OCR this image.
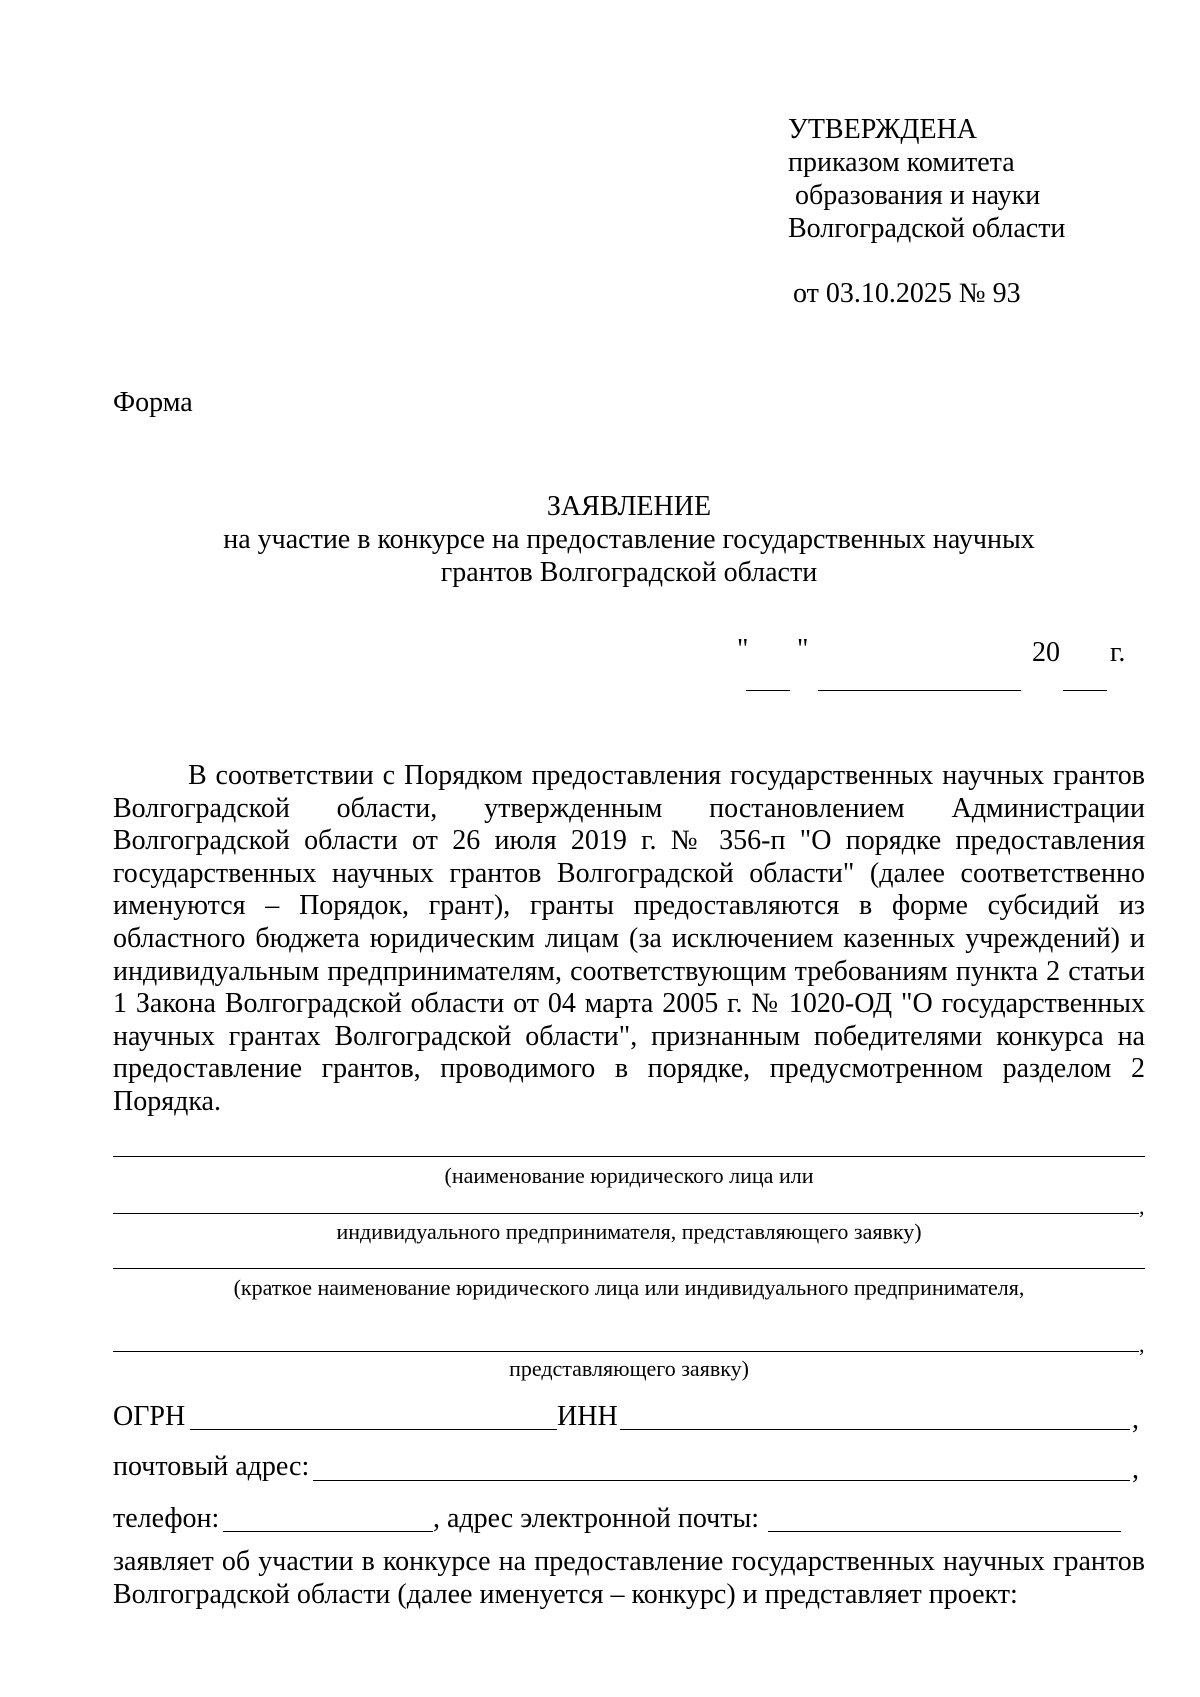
УТВЕРЖДЕНА
приказом комитета
образования и науки
Волгоградской области
от 03.10.2025 № 93
Форма
ЗАЯВЛЕНИЕ
на участие в конкурсе на предоставление государственных научных
грантов Волгоградской области
" "	20 г.

В соответствии с Порядком предоставления государственных научных грантов Волгоградской области, утвержденным постановлением Администрации Волгоградской области от 26 июля 2019 г. № 356-п "О порядке предоставления государственных научных грантов Волгоградской области" (далее соответственно именуются – Порядок, грант), гранты предоставляются в форме субсидий из областного бюджета юридическим лицам (за исключением казенных учреждений) и индивидуальным предпринимателям, соответствующим требованиям пункта 2 статьи 1 Закона Волгоградской области от 04 марта 2005 г. № 1020-ОД "О государственных научных грантах Волгоградской области", признанным победителями конкурса на предоставление грантов, проводимого в порядке, предусмотренном разделом 2 Порядка.

(наименование юридического лица или
,
индивидуального предпринимателя, представляющего заявку)
(краткое наименование юридического лица или индивидуального предпринимателя,
,
представляющего заявку)
ОГРН	ИНН	,
почтовый адрес:	,
телефон:	, адрес электронной почты:

заявляет об участии в конкурсе на предоставление государственных научных грантов Волгоградской области (далее именуется – конкурс) и представляет проект:
